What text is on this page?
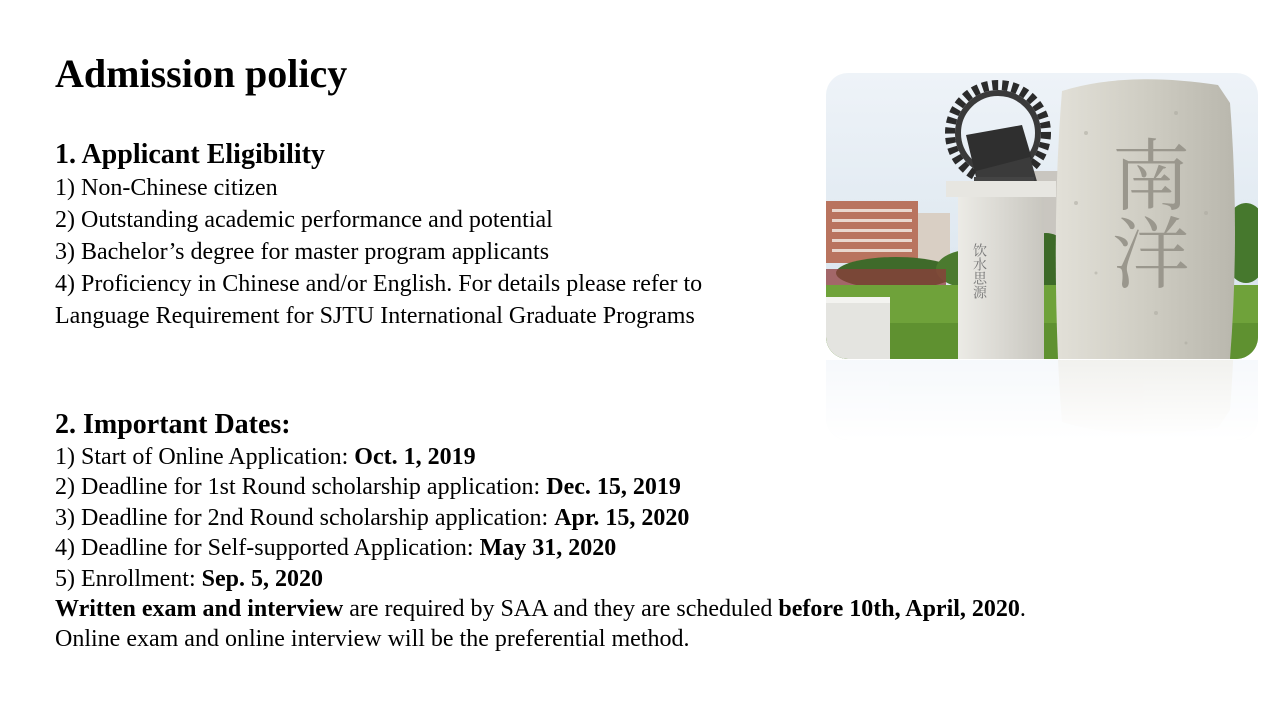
Admission policy

1. Applicant Eligibility

1) Non-Chinese citizen

2) Outstanding academic performance and potential

3) Bachelor’s degree for master program applicants

4) Proficiency in Chinese and/or English. For details please refer to

Language Requirement for SJTU International Graduate Programs

2. Important Dates:

1) Start of Online Application: Oct. 1, 2019

2) Deadline for 1st Round scholarship application: Dec. 15, 2019

3) Deadline for 2nd Round scholarship application: Apr. 15, 2020

4) Deadline for Self-supported Application: May 31, 2020

5) Enrollment: Sep. 5, 2020

Written exam and interview are required by SAA and they are scheduled before 10th, April, 2020.

Online exam and online interview will be the preferential method.

饮水思源 南洋
